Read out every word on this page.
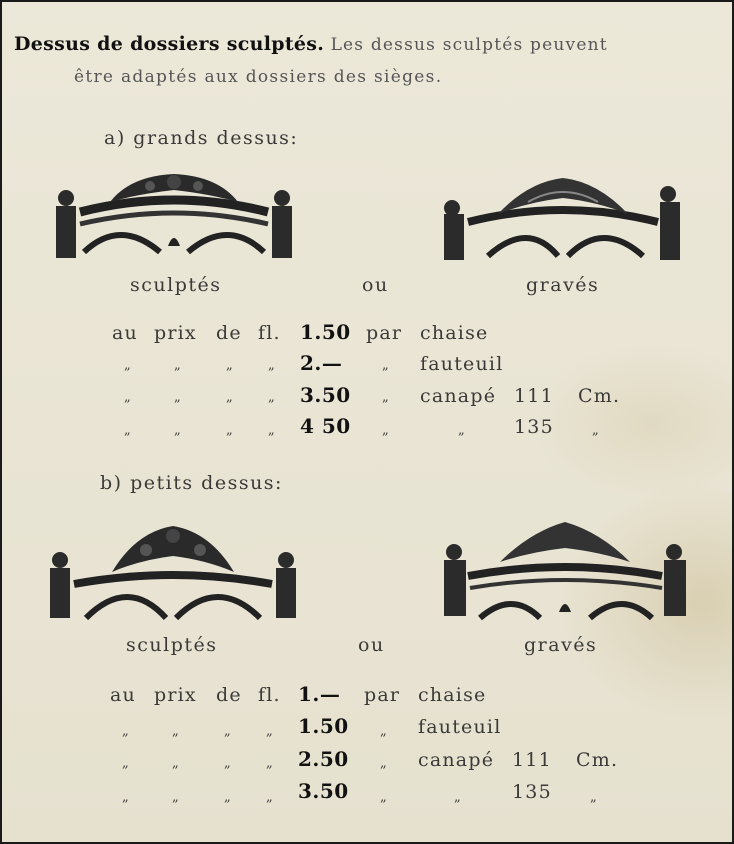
Dessus de dossiers sculptés. Les dessus sculptés peuvent
être adaptés aux dossiers des sièges.
a) grands dessus:
sculptés	ou	gravés
au prix de fl. 1.50 par chaise
„	„	„	„ 2.—	„ fauteuil
„	„	„	„ 3.50 „ canapé 111 Cm.
„	„	„	„ 4 50 „	„	135	„
b) petits dessus:
sculptés	ou	gravés
au prix de fl. 1.— par chaise
„	„	„	„ 1.50 „ fauteuil
„	„	„	„ 2.50 „ canapé 111 Cm.
„	„	„	„ 3.50 „	„	135	„
